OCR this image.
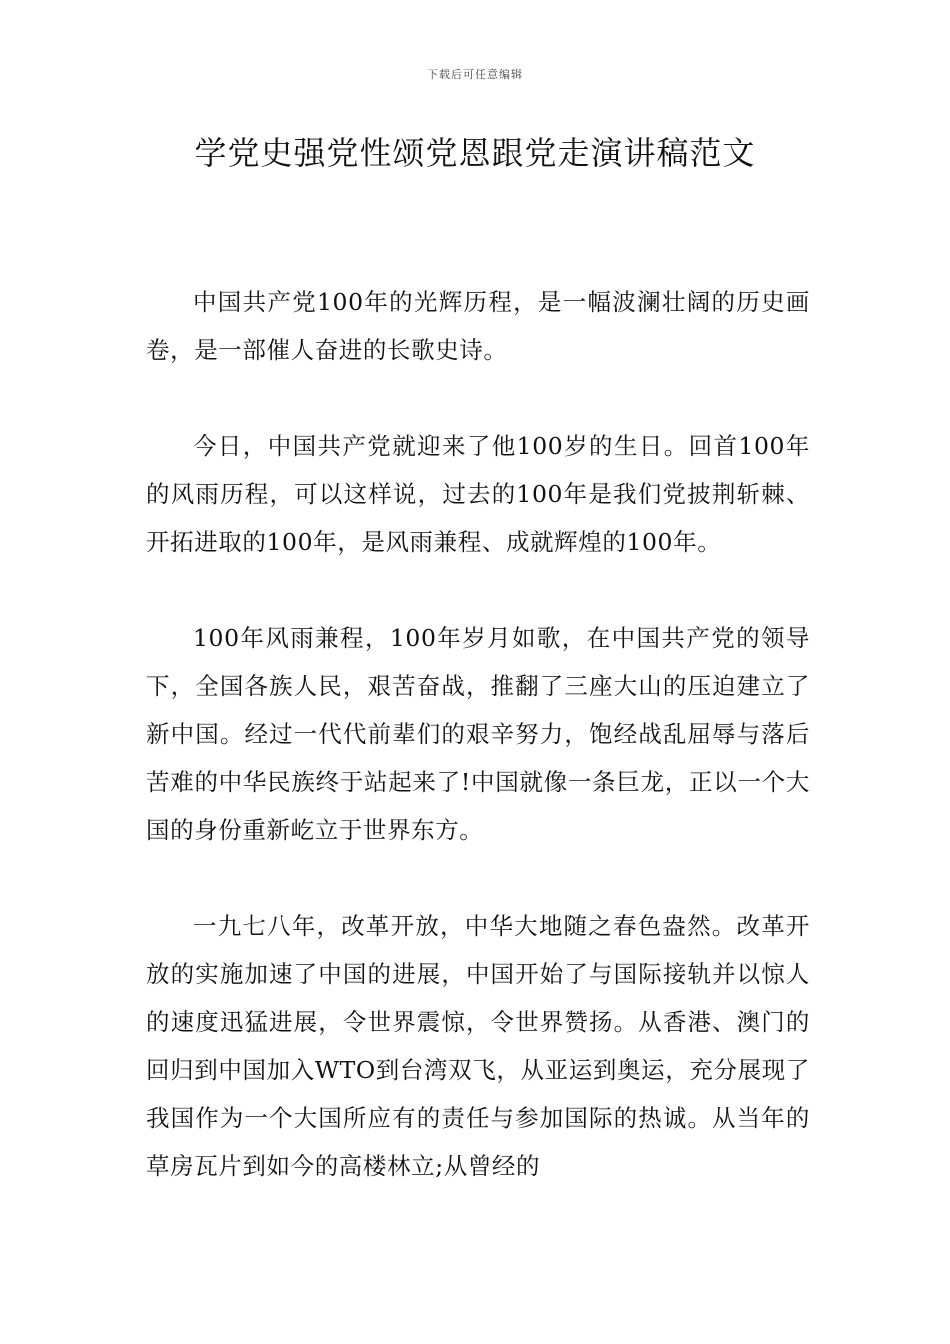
下载后可任意编辑
学党史强党性颂党恩跟党走演讲稿范文

中国共产党100年的光辉历程，是一幅波澜壮阔的历史画卷，是一部催人奋进的长歌史诗。

今日，中国共产党就迎来了他100岁的生日。回首100年的风雨历程，可以这样说，过去的100年是我们党披荆斩棘、开拓进取的100年，是风雨兼程、成就辉煌的100年。

100年风雨兼程，100年岁月如歌，在中国共产党的领导下，全国各族人民，艰苦奋战，推翻了三座大山的压迫建立了新中国。经过一代代前辈们的艰辛努力，饱经战乱屈辱与落后苦难的中华民族终于站起来了!中国就像一条巨龙，正以一个大国的身份重新屹立于世界东方。

一九七八年，改革开放，中华大地随之春色盎然。改革开放的实施加速了中国的进展，中国开始了与国际接轨并以惊人的速度迅猛进展，令世界震惊，令世界赞扬。从香港、澳门的回归到中国加入WTO到台湾双飞，从亚运到奥运，充分展现了我国作为一个大国所应有的责任与参加国际的热诚。从当年的草房瓦片到如今的高楼林立;从曾经的
